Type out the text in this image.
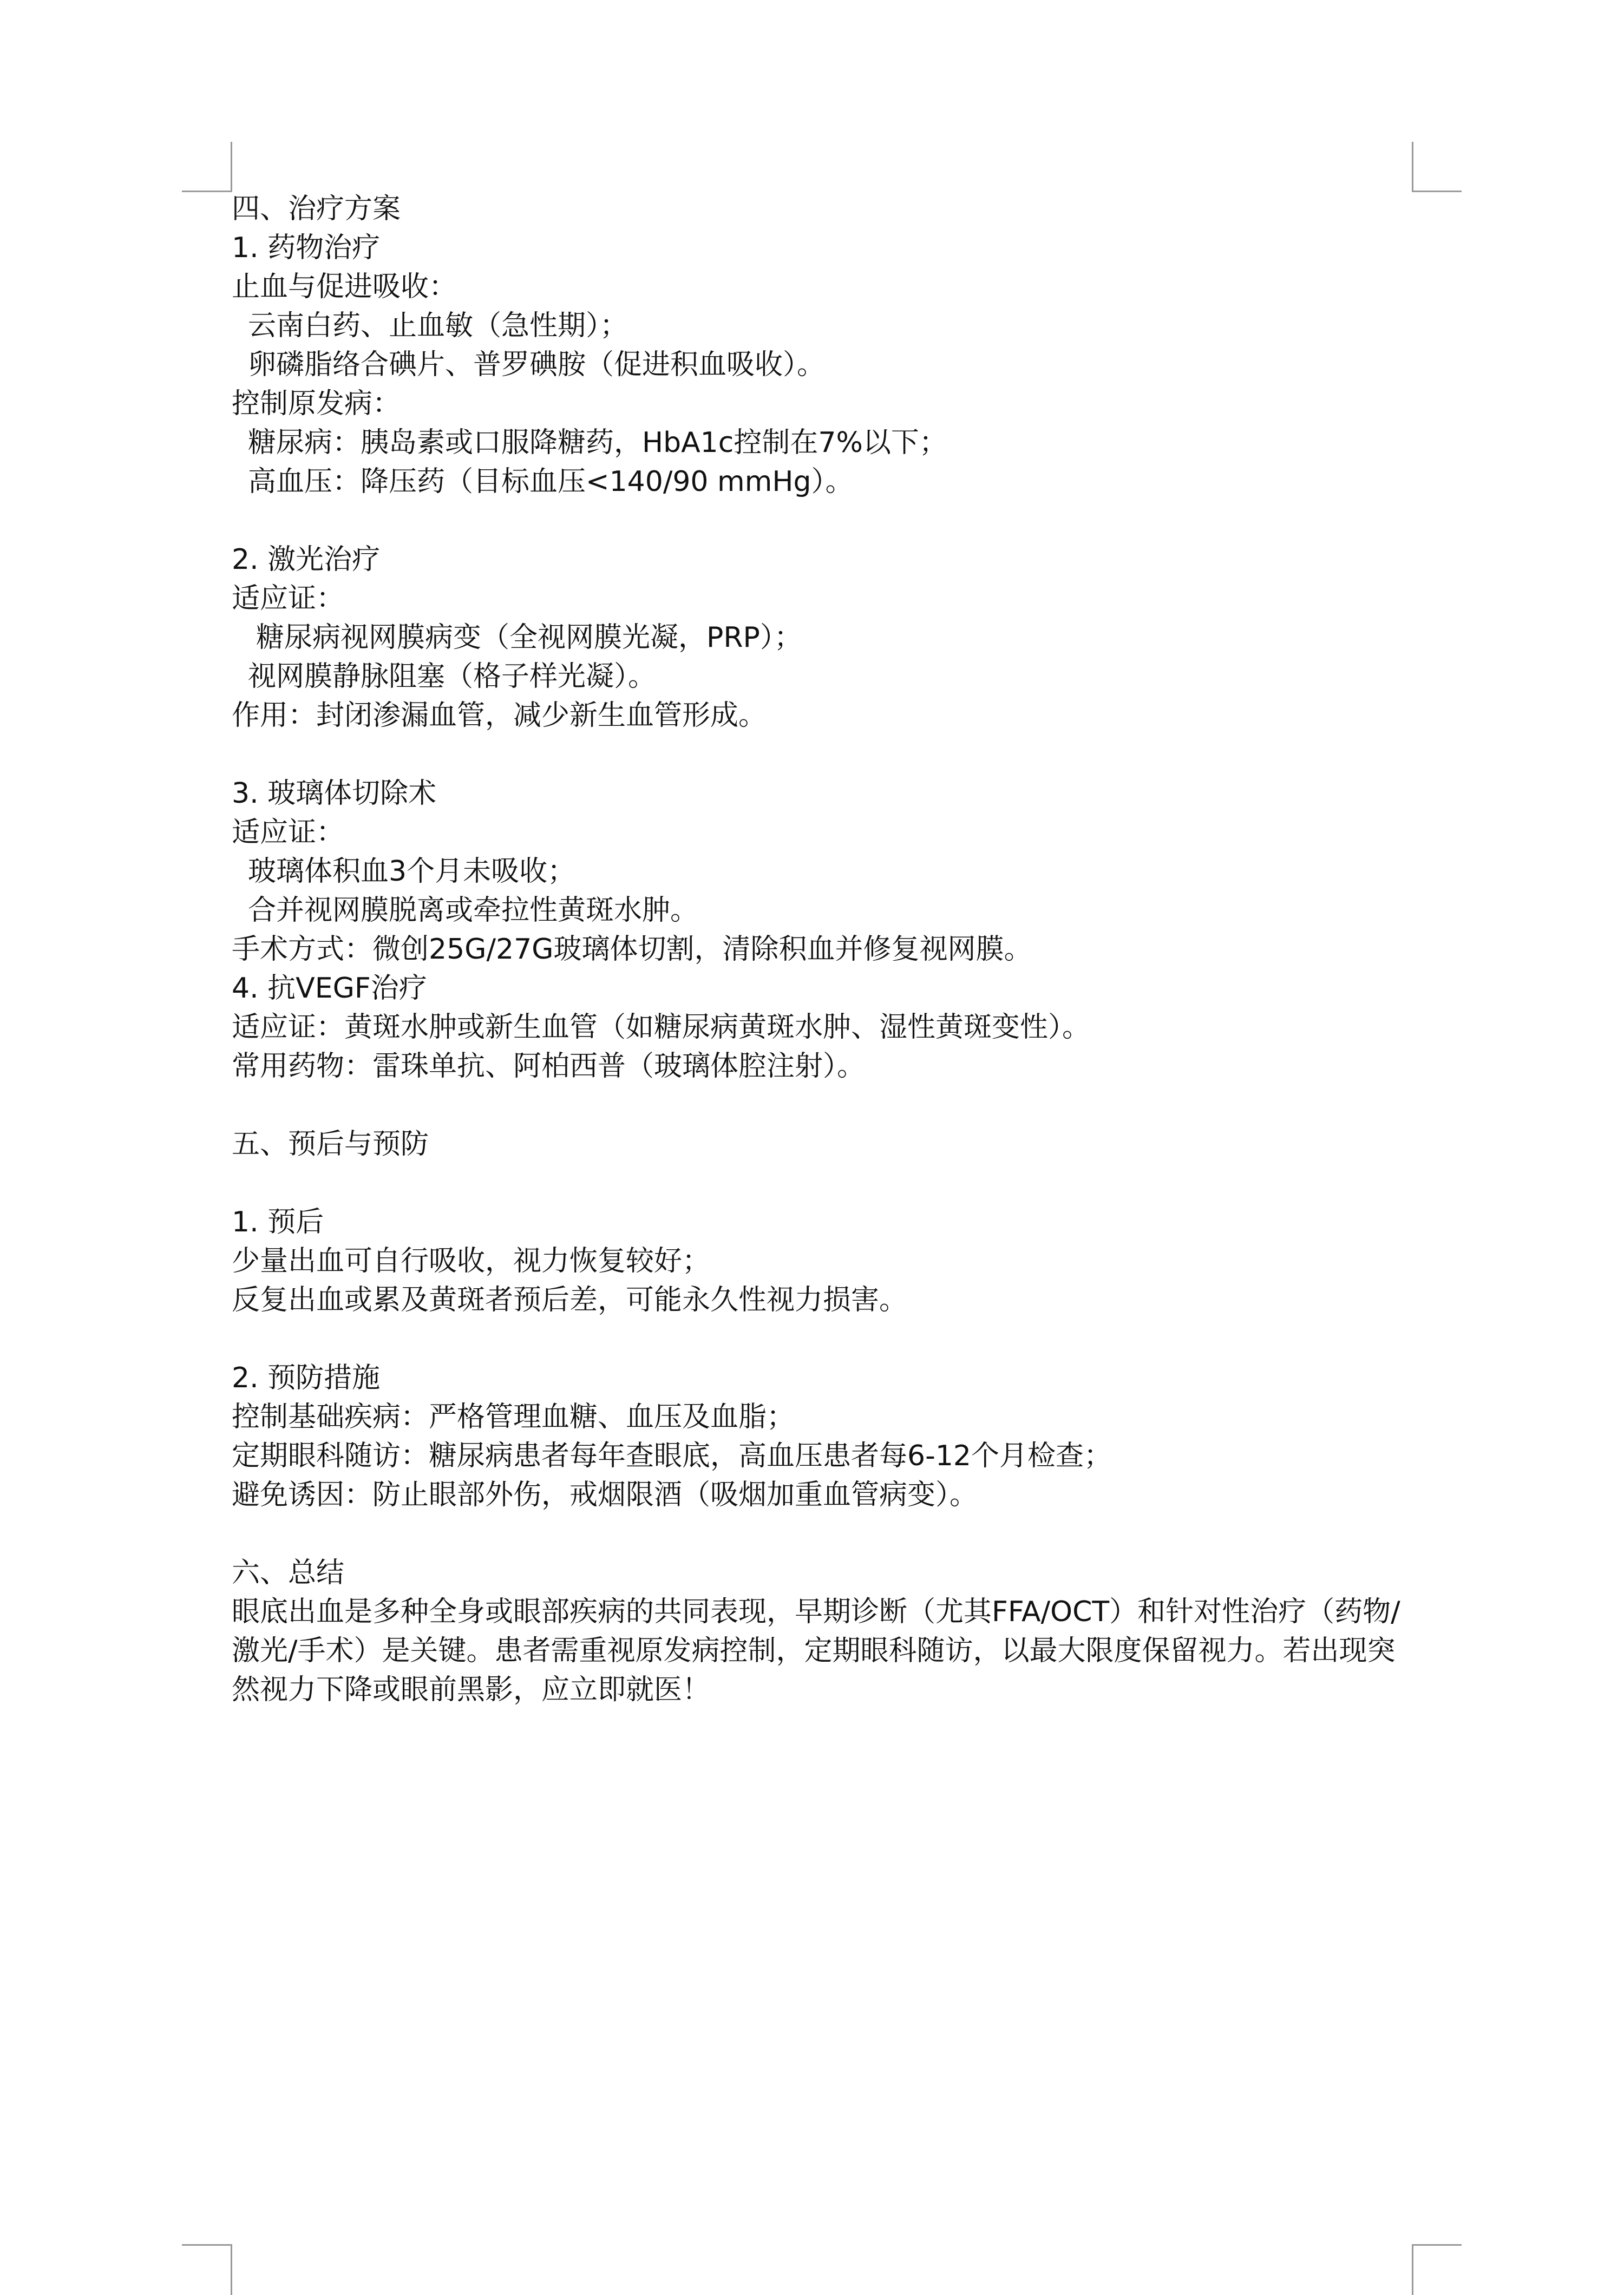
四、治疗方案
1. 药物治疗
止血与促进吸收：
云南白药、止血敏（急性期）；
卵磷脂络合碘片、普罗碘胺（促进积血吸收）。
控制原发病：
糖尿病：胰岛素或口服降糖药，HbA1c控制在7%以下；
高血压：降压药（目标血压<140/90 mmHg）。
2. 激光治疗
适应证：
糖尿病视网膜病变（全视网膜光凝，PRP）；
视网膜静脉阻塞（格子样光凝）。
作用：封闭渗漏血管，减少新生血管形成。
3. 玻璃体切除术
适应证：
玻璃体积血3个月未吸收；
合并视网膜脱离或牵拉性黄斑水肿。
手术方式：微创25G/27G玻璃体切割，清除积血并修复视网膜。
4. 抗VEGF治疗
适应证：黄斑水肿或新生血管（如糖尿病黄斑水肿、湿性黄斑变性）。
常用药物：雷珠单抗、阿柏西普（玻璃体腔注射）。
五、预后与预防
1. 预后
少量出血可自行吸收，视力恢复较好；
反复出血或累及黄斑者预后差，可能永久性视力损害。
2. 预防措施
控制基础疾病：严格管理血糖、血压及血脂；
定期眼科随访：糖尿病患者每年查眼底，高血压患者每6-12个月检查；
避免诱因：防止眼部外伤，戒烟限酒（吸烟加重血管病变）。
六、总结
眼底出血是多种全身或眼部疾病的共同表现，早期诊断（尤其FFA/OCT）和针对性治疗（药物/激光/手术）是关键。患者需重视原发病控制，定期眼科随访，以最大限度保留视力。若出现突然视力下降或眼前黑影，应立即就医！
